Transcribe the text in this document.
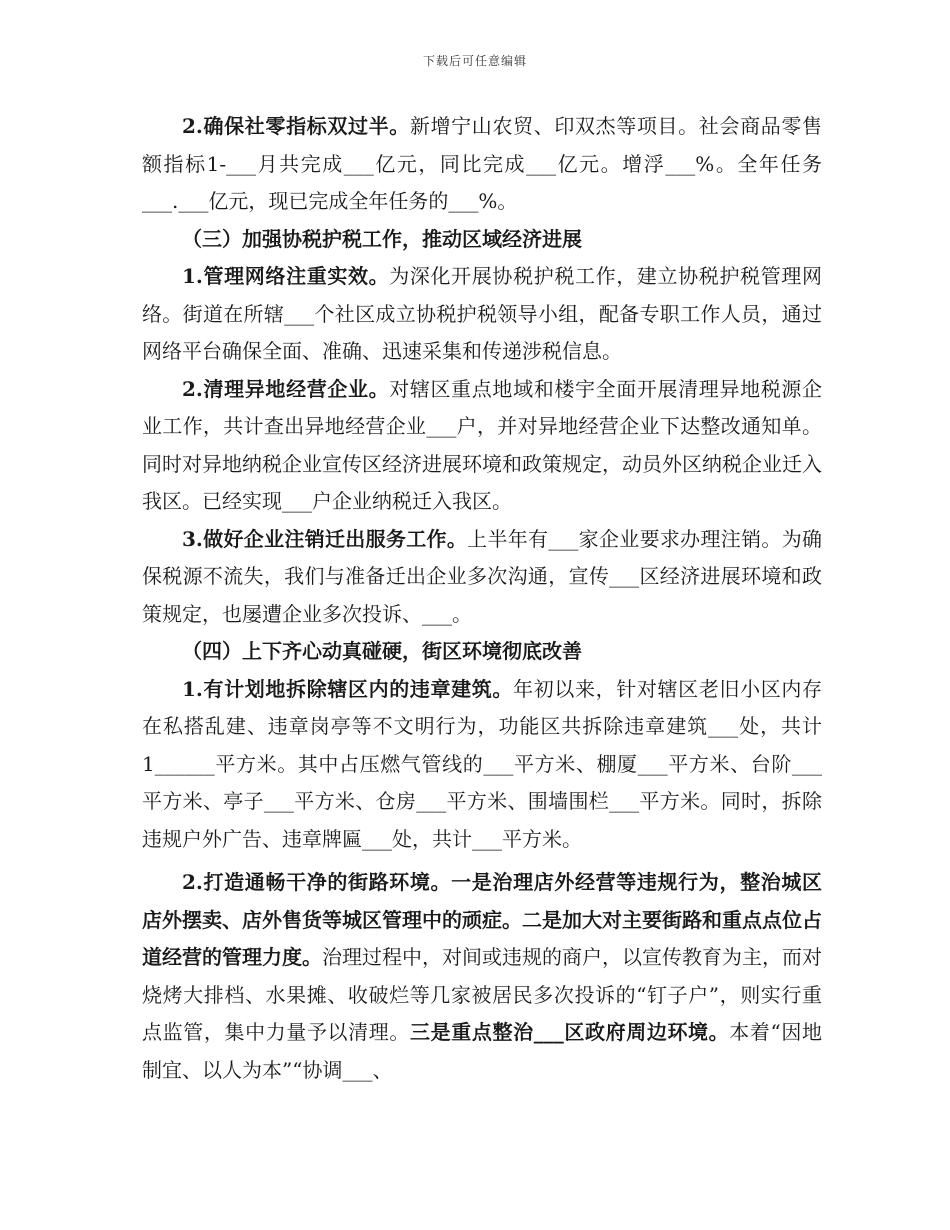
下载后可任意编辑

2.确保社零指标双过半。新增宁山农贸、印双杰等项目。社会商品零售额指标1-___月共完成___亿元，同比完成___亿元。增浮___%。全年任务___.___亿元，现已完成全年任务的___%。

（三）加强协税护税工作，推动区域经济进展

1.管理网络注重实效。为深化开展协税护税工作，建立协税护税管理网络。街道在所辖___个社区成立协税护税领导小组，配备专职工作人员，通过网络平台确保全面、准确、迅速采集和传递涉税信息。

2.清理异地经营企业。对辖区重点地域和楼宇全面开展清理异地税源企业工作，共计查出异地经营企业___户，并对异地经营企业下达整改通知单。同时对异地纳税企业宣传区经济进展环境和政策规定，动员外区纳税企业迁入我区。已经实现___户企业纳税迁入我区。

3.做好企业注销迁出服务工作。上半年有___家企业要求办理注销。为确保税源不流失，我们与准备迁出企业多次沟通，宣传___区经济进展环境和政策规定，也屡遭企业多次投诉、___。

（四）上下齐心动真碰硬，街区环境彻底改善

1.有计划地拆除辖区内的违章建筑。年初以来，针对辖区老旧小区内存在私搭乱建、违章岗亭等不文明行为，功能区共拆除违章建筑___处，共计1______平方米。其中占压燃气管线的___平方米、棚厦___平方米、台阶___平方米、亭子___平方米、仓房___平方米、围墙围栏___平方米。同时，拆除违规户外广告、违章牌匾___处，共计___平方米。

2.打造通畅干净的街路环境。一是治理店外经营等违规行为，整治城区店外摆卖、店外售货等城区管理中的顽症。二是加大对主要街路和重点点位占道经营的管理力度。治理过程中，对间或违规的商户，以宣传教育为主，而对烧烤大排档、水果摊、收破烂等几家被居民多次投诉的“钉子户”，则实行重点监管，集中力量予以清理。三是重点整治___区政府周边环境。本着“因地制宜、以人为本”“协调___、
